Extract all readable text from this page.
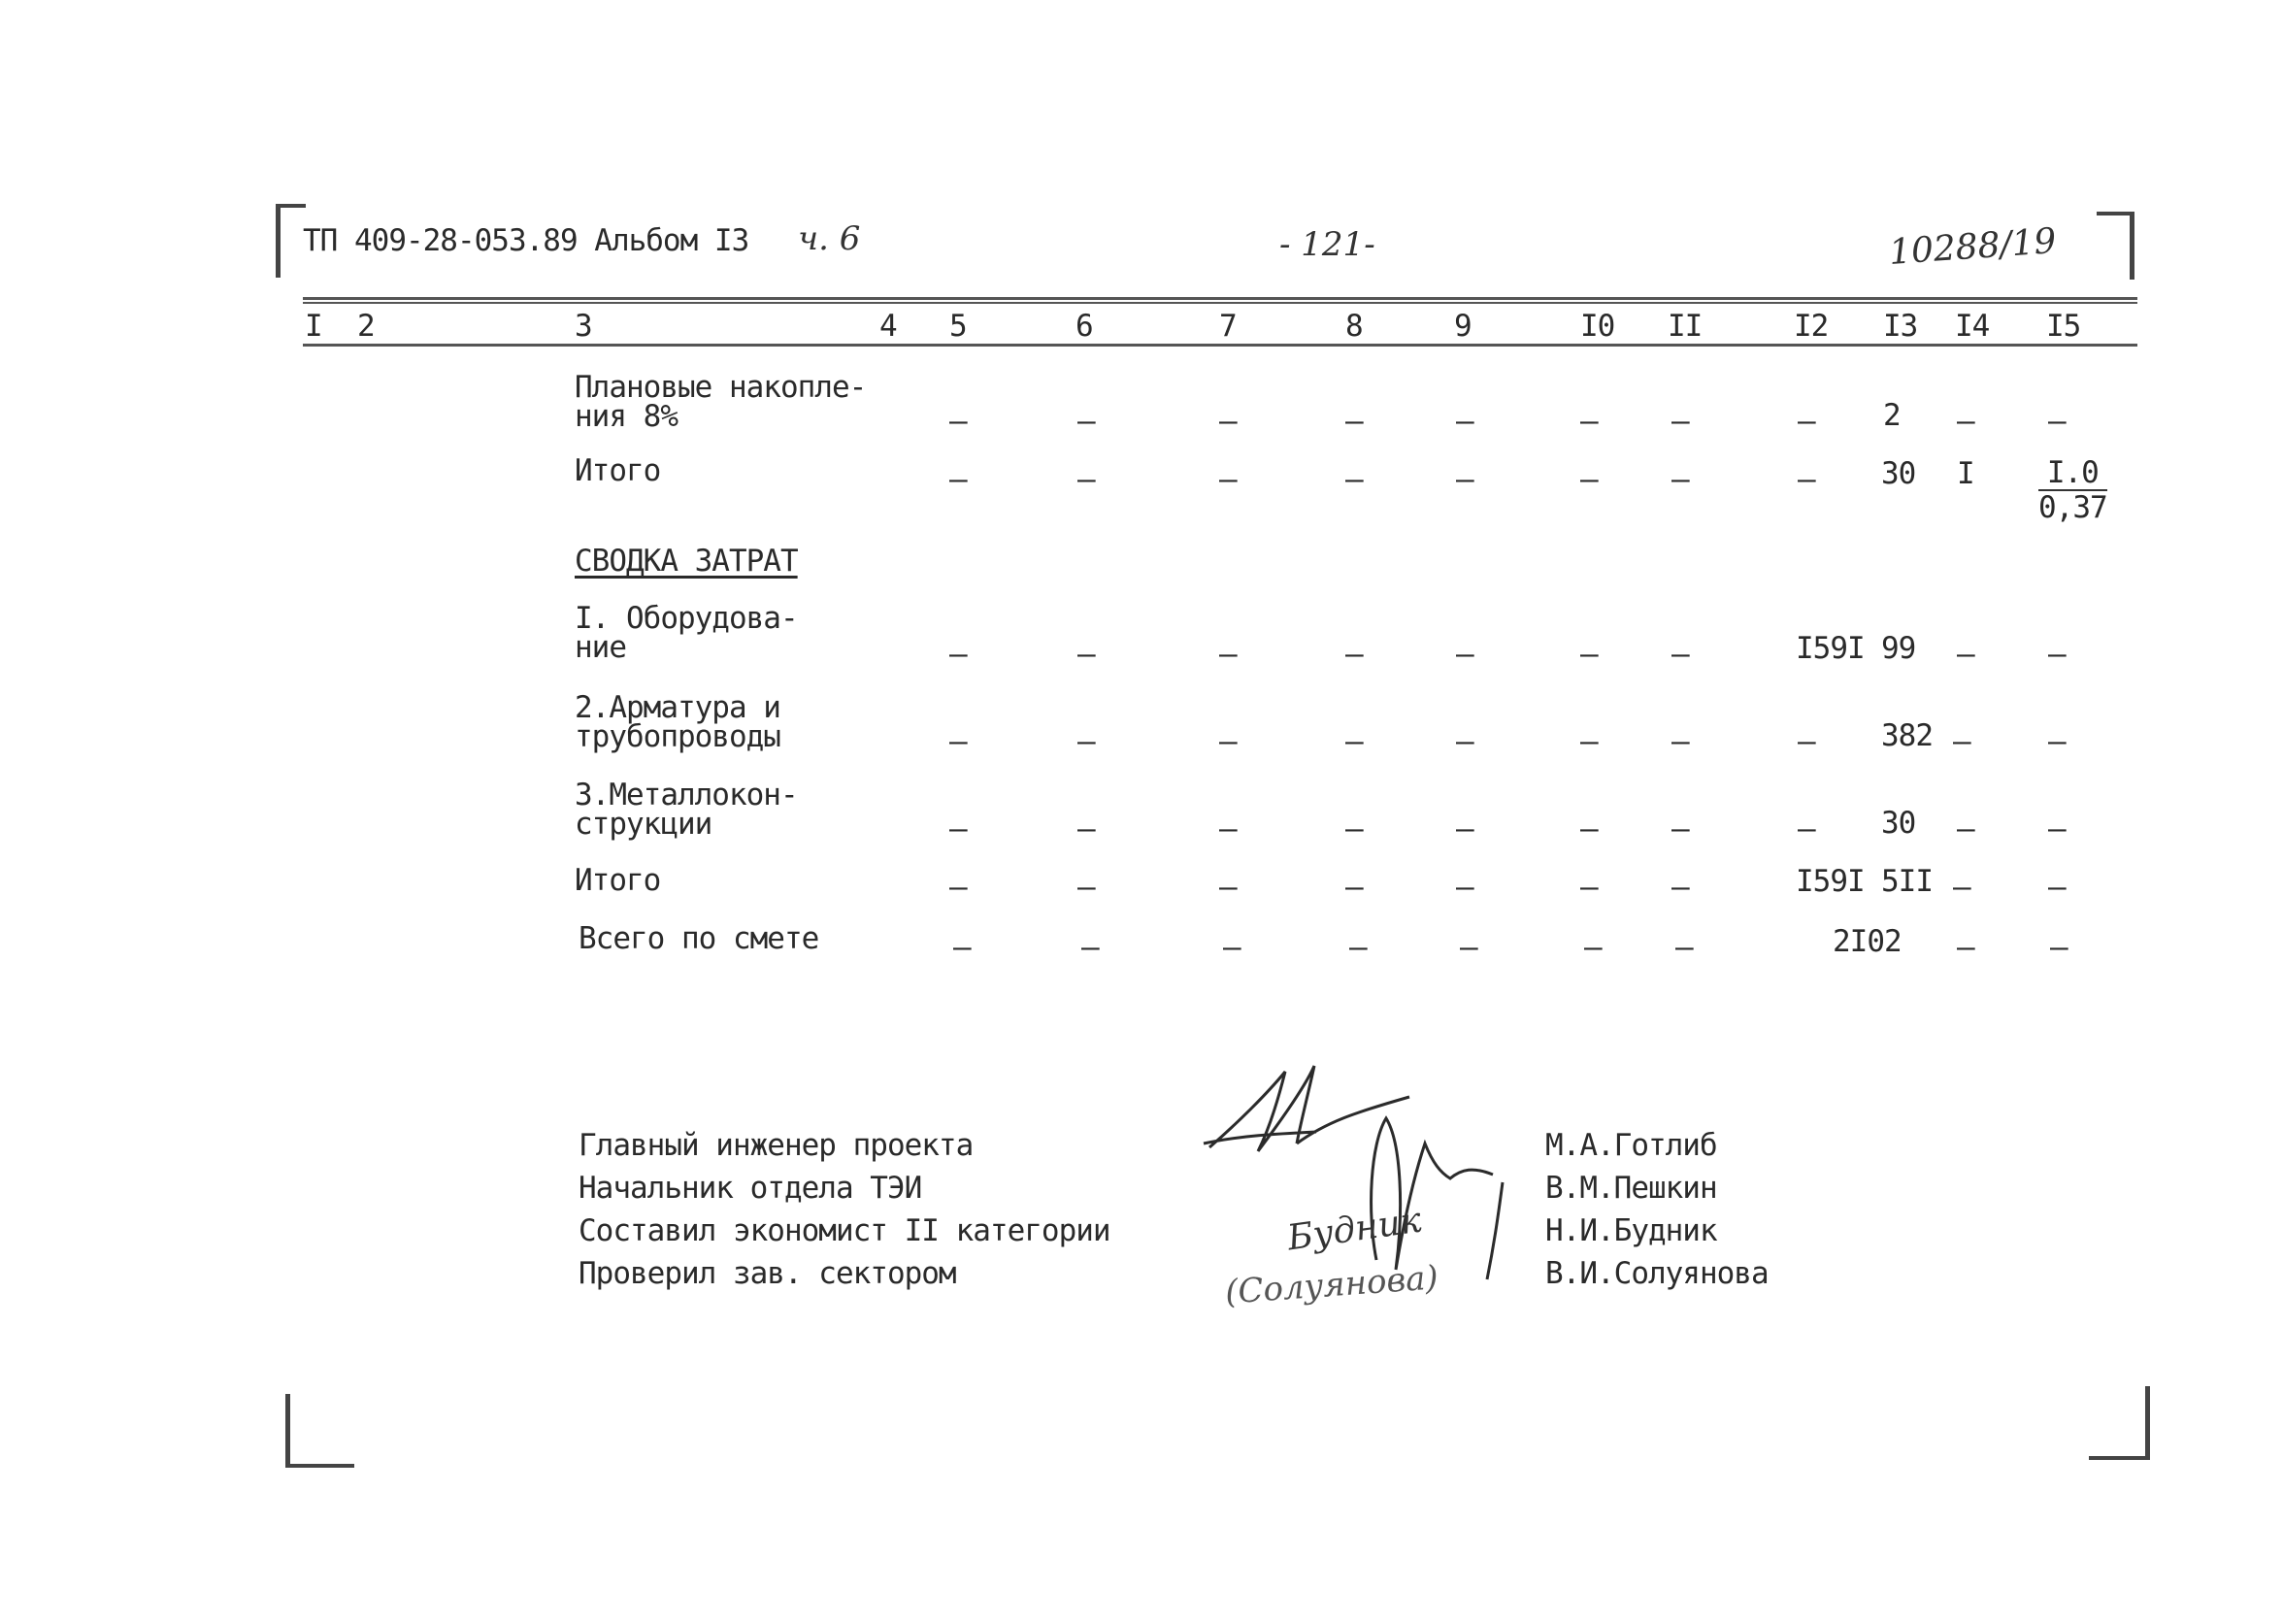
ТП 409-28-053.89 Альбом I3 ч. 6	- 121-	10288/19
I 2	3	4 5	6	7	8	9	I0 II	I2 I3 I4 I5
Плановые накопле-
ния 8%	–	–	–	–	–	– –	– 2 – –
Итого	–	–	–	–	–	– –	– 30 I $\frac{I.0}{0,37}$
СВОДКА ЗАТРАТ
I. Оборудова-
ние	–	–	–	–	–	– –	I59I 99 – –
2.Арматура и
трубопроводы	–	–	–	–	–	– –	– 382 –	–
3.Металлокон-
струкции	–	–	–	–	–	– –	– 30 – –
Итого	–	–	–	–	–	– –	I59I 5II –	–
Всего по смете	–	–	–	–	–	– –	2I02 –	–
Главный инженер проекта
Начальник отдела ТЭИ
Составил экономист II категории
Проверил зав. сектором
М.А.Готлиб
В.М.Пешкин
Н.И.Будник
В.И.Солуянова
Будник
(Солуянова)
